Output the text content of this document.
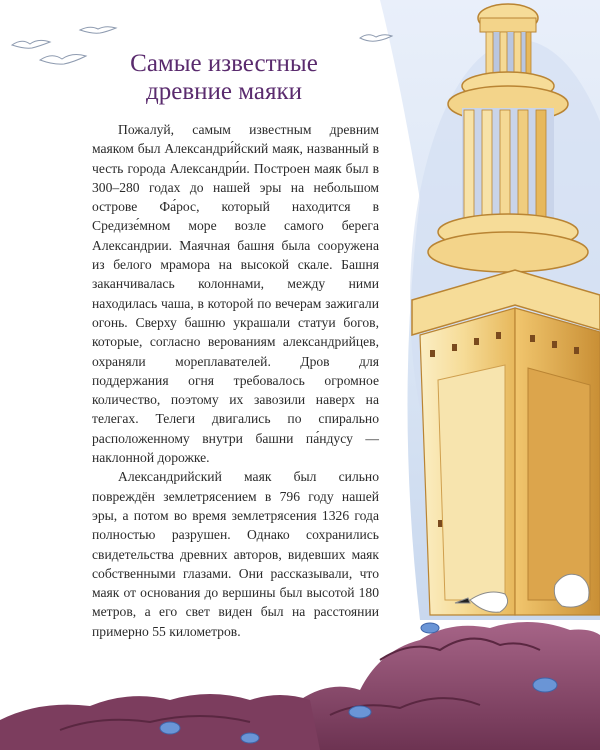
Самые известные
древние маяки

Пожалуй, самым известным древним маяком был Александри́йский маяк, названный в честь города Александри́и. Построен маяк был в 300–280 годах до нашей эры на небольшом острове Фа́рос, который находится в Средизе́мном море возле самого берега Александрии. Маячная башня была сооружена из белого мрамора на высокой скале. Башня заканчивалась колоннами, между ними находилась чаша, в которой по вечерам зажигали огонь. Сверху башню украшали статуи богов, которые, согласно верованиям александрийцев, охраняли мореплавателей. Дров для поддержания огня требовалось огромное количество, поэтому их завозили наверх на телегах. Телеги двигались по спирально расположенному внутри башни па́ндусу — наклонной дорожке.

Александрийский маяк был сильно повреждён землетрясением в 796 году нашей эры, а потом во время землетрясения 1326 года полностью разрушен. Однако сохранились свидетельства древних авторов, видевших маяк собственными глазами. Они рассказывали, что маяк от основания до вершины был высотой 180 метров, а его свет виден был на расстоянии примерно 55 километров.
